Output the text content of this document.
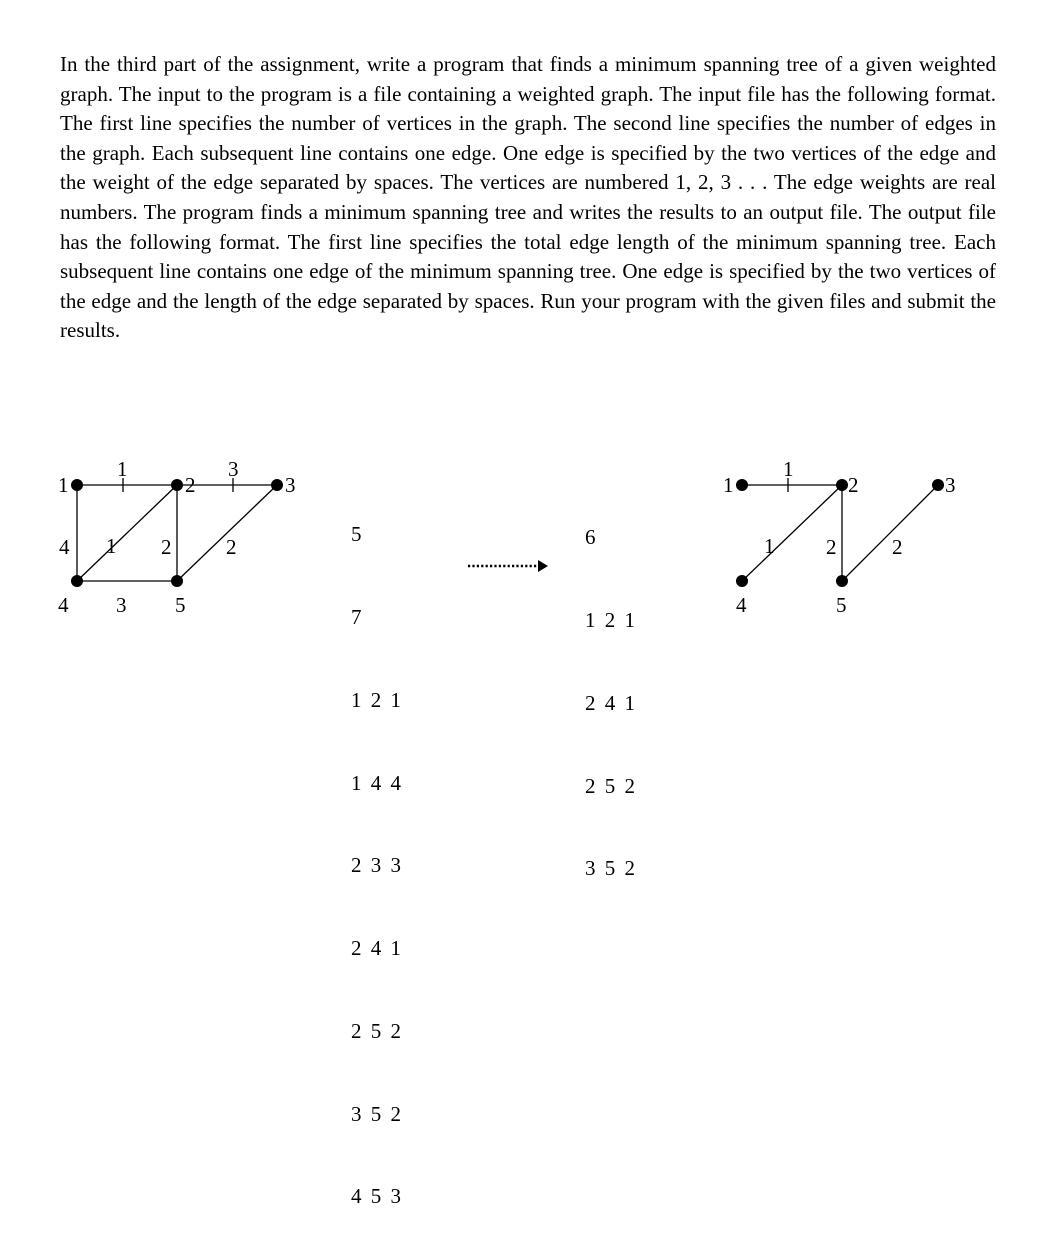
In the third part of the assignment, write a program that finds a minimum spanning tree of a given weighted graph. The input to the program is a file containing a weighted graph. The input file has the following format. The first line specifies the number of vertices in the graph. The second line specifies the number of edges in the graph. Each subsequent line contains one edge. One edge is specified by the two vertices of the edge and the weight of the edge separated by spaces. The vertices are numbered 1, 2, 3 . . . The edge weights are real numbers. The program finds a minimum spanning tree and writes the results to an output file. The output file has the following format. The first line specifies the total edge length of the minimum spanning tree. Each subsequent line contains one edge of the minimum spanning tree. One edge is specified by the two vertices of the edge and the length of the edge separated by spaces. Run your program with the given files and submit the results.

1	2	3
4	5
1	3
4 1 2	2
3
1	2	3
4	5
1
1 2	2

5

7

1 2 1

1 4 4

2 3 3

2 4 1

2 5 2

3 5 2

4 5 3

6

1 2 1

2 4 1

2 5 2

3 5 2
